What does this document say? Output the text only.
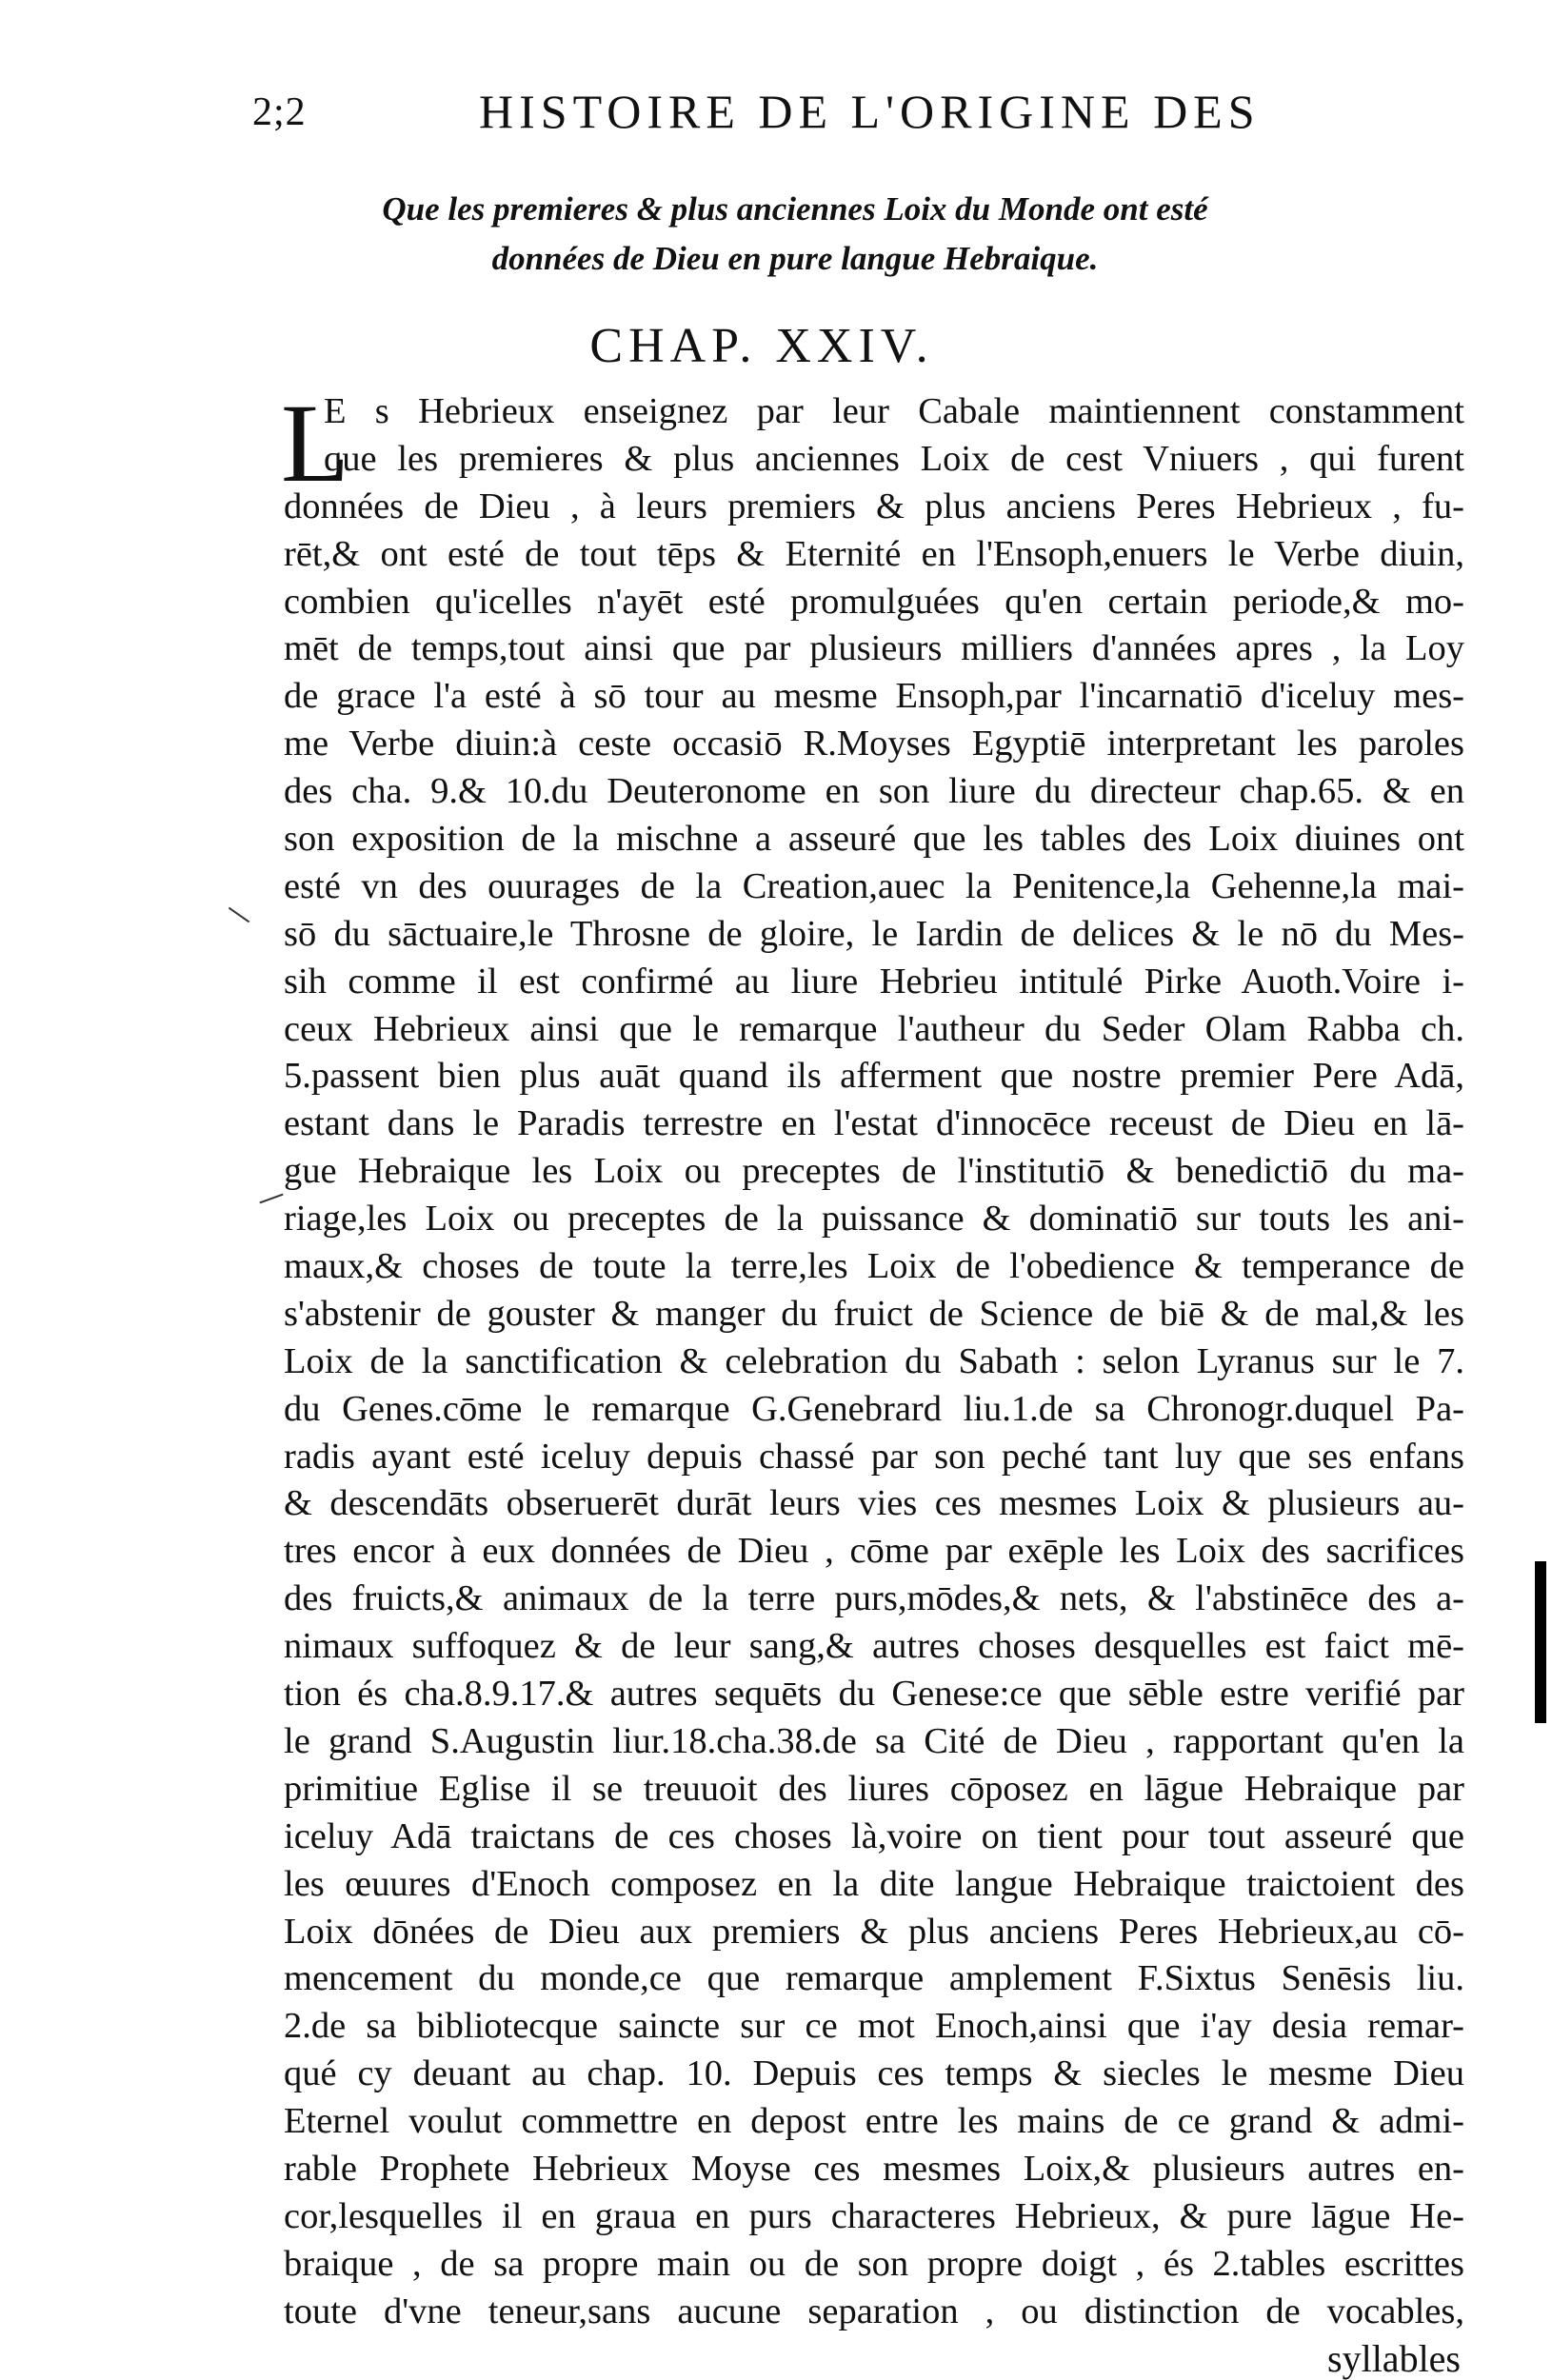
2;2	HISTOIRE DE L'ORIGINE DES
Que les premieres & plus anciennes Loix du Monde ont esté
données de Dieu en pure langue Hebraique.
CHAP. XXIV.
L
E s Hebrieux enseignez par leur Cabale maintiennent constamment
que les premieres & plus anciennes Loix de cest Vniuers , qui furent
données de Dieu , à leurs premiers & plus anciens Peres Hebrieux , fu-
rēt,& ont esté de tout tēps & Eternité en l'Ensoph,enuers le Verbe diuin,
combien qu'icelles n'ayēt esté promulguées qu'en certain periode,& mo-
mēt de temps,tout ainsi que par plusieurs milliers d'années apres , la Loy
de grace l'a esté à sō tour au mesme Ensoph,par l'incarnatiō d'iceluy mes-
me Verbe diuin:à ceste occasiō R.Moyses Egyptiē interpretant les paroles
des cha. 9.& 10.du Deuteronome en son liure du directeur chap.65. & en
son exposition de la mischne a asseuré que les tables des Loix diuines ont
esté vn des ouurages de la Creation,auec la Penitence,la Gehenne,la mai-
sō du sāctuaire,le Throsne de gloire, le Iardin de delices & le nō du Mes-
sih comme il est confirmé au liure Hebrieu intitulé Pirke Auoth.Voire i-
ceux Hebrieux ainsi que le remarque l'autheur du Seder Olam Rabba ch.
5.passent bien plus auāt quand ils afferment que nostre premier Pere Adā,
estant dans le Paradis terrestre en l'estat d'innocēce receust de Dieu en lā-
gue Hebraique les Loix ou preceptes de l'institutiō & benedictiō du ma-
riage,les Loix ou preceptes de la puissance & dominatiō sur touts les ani-
maux,& choses de toute la terre,les Loix de l'obedience & temperance de
s'abstenir de gouster & manger du fruict de Science de biē & de mal,& les
Loix de la sanctification & celebration du Sabath : selon Lyranus sur le 7.
du Genes.cōme le remarque G.Genebrard liu.1.de sa Chronogr.duquel Pa-
radis ayant esté iceluy depuis chassé par son peché tant luy que ses enfans
& descendāts obseruerēt durāt leurs vies ces mesmes Loix & plusieurs au-
tres encor à eux données de Dieu , cōme par exēple les Loix des sacrifices
des fruicts,& animaux de la terre purs,mōdes,& nets, & l'abstinēce des a-
nimaux suffoquez & de leur sang,& autres choses desquelles est faict mē-
tion és cha.8.9.17.& autres sequēts du Genese:ce que sēble estre verifié par
le grand S.Augustin liur.18.cha.38.de sa Cité de Dieu , rapportant qu'en la
primitiue Eglise il se treuuoit des liures cōposez en lāgue Hebraique par
iceluy Adā traictans de ces choses là,voire on tient pour tout asseuré que
les œuures d'Enoch composez en la dite langue Hebraique traictoient des
Loix dōnées de Dieu aux premiers & plus anciens Peres Hebrieux,au cō-
mencement du monde,ce que remarque amplement F.Sixtus Senēsis liu.
2.de sa bibliotecque saincte sur ce mot Enoch,ainsi que i'ay desia remar-
qué cy deuant au chap. 10. Depuis ces temps & siecles le mesme Dieu
Eternel voulut commettre en depost entre les mains de ce grand & admi-
rable Prophete Hebrieux Moyse ces mesmes Loix,& plusieurs autres en-
cor,lesquelles il en graua en purs characteres Hebrieux, & pure lāgue He-
braique , de sa propre main ou de son propre doigt , és 2.tables escrittes
toute d'vne teneur,sans aucune separation , ou distinction de vocables,
syllables
